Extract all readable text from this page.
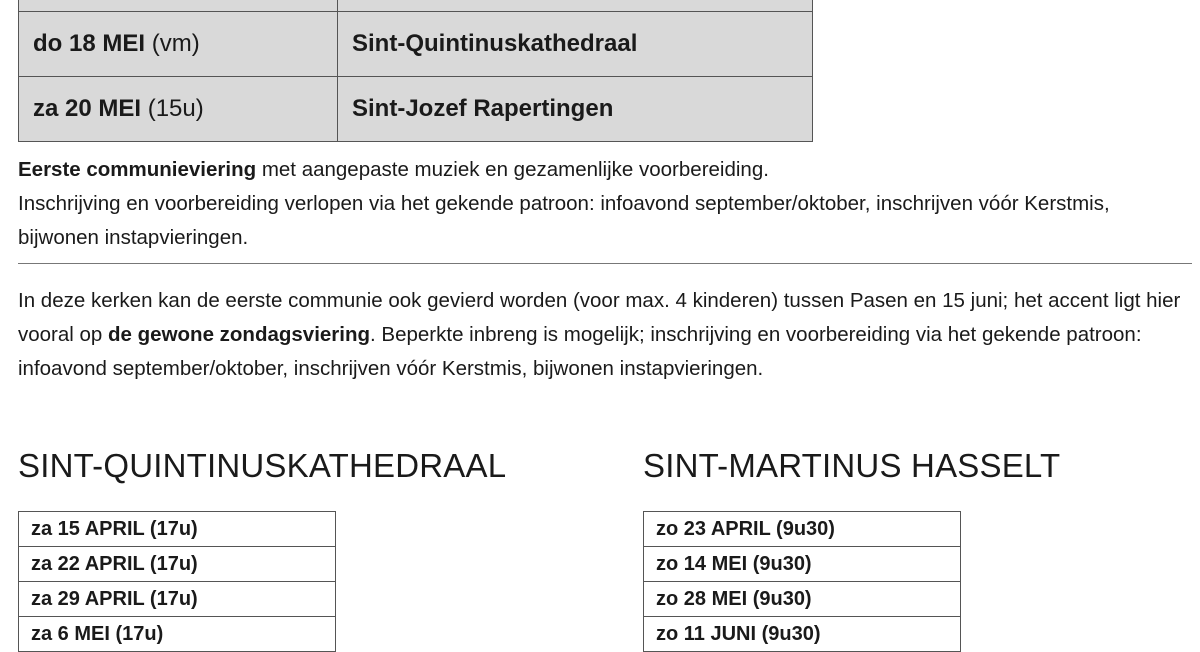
do 18 MEI (vm)	Sint-Quintinuskathedraal
za 20 MEI (15u)	Sint-Jozef Rapertingen

Eerste communieviering met aangepaste muziek en gezamenlijke voorbereiding.
Inschrijving en voorbereiding verlopen via het gekende patroon: infoavond september/oktober, inschrijven vóór Kerstmis, bijwonen instapvieringen.

In deze kerken kan de eerste communie ook gevierd worden (voor max. 4 kinderen) tussen Pasen en 15 juni; het accent ligt hier vooral op de gewone zondagsviering. Beperkte inbreng is mogelijk; inschrijving en voorbereiding via het gekende patroon: infoavond september/oktober, inschrijven vóór Kerstmis, bijwonen instapvieringen.

SINT-QUINTINUSKATHEDRAAL	SINT-MARTINUS HASSELT
za 15 APRIL (17u)
za 22 APRIL (17u)
za 29 APRIL (17u)
za 6 MEI (17u)
zo 23 APRIL (9u30)
zo 14 MEI (9u30)
zo 28 MEI (9u30)
zo 11 JUNI (9u30)
